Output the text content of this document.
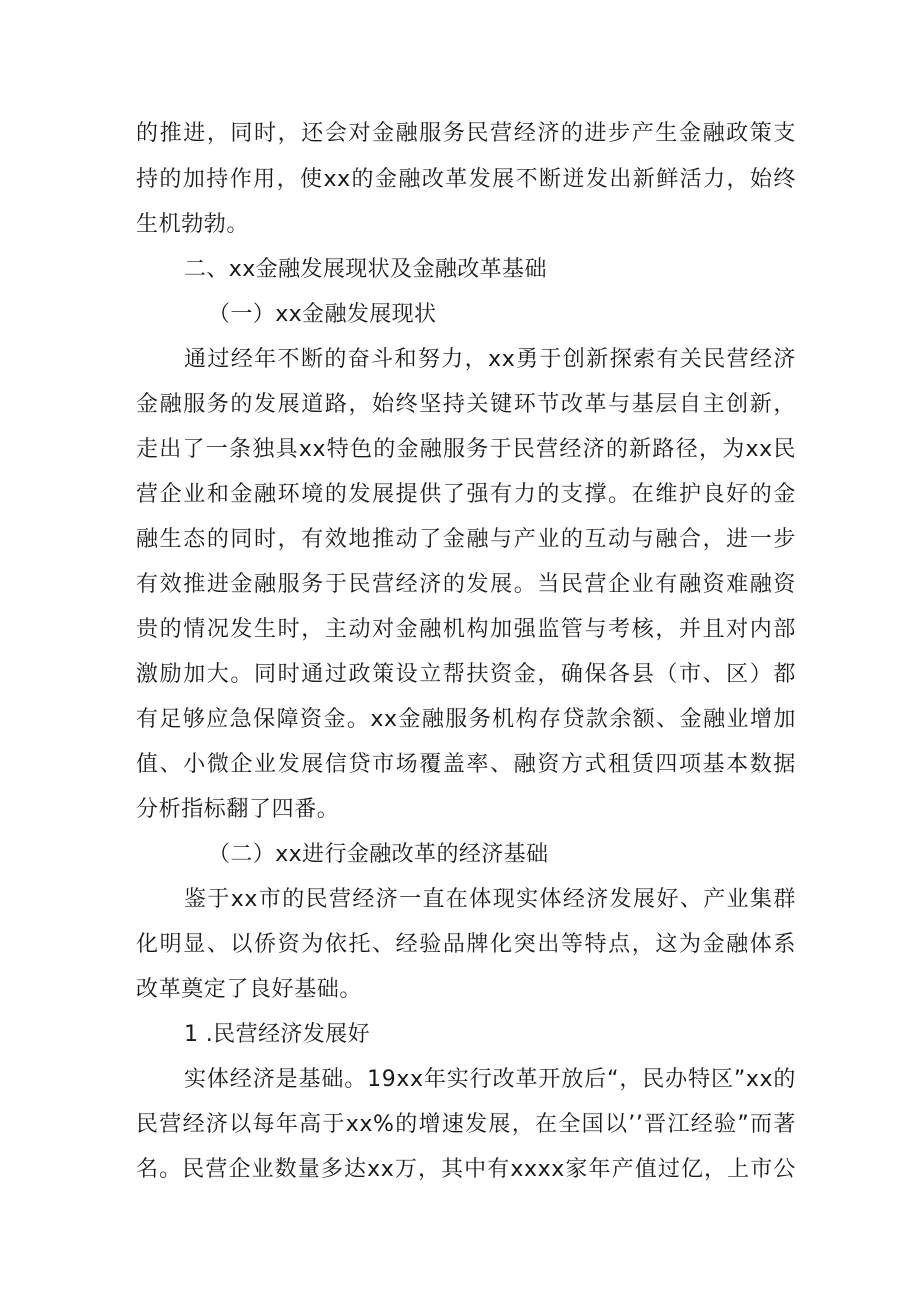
的推进，同时，还会对金融服务民营经济的进步产生金融政策支
持的加持作用，使xx的金融改革发展不断迸发出新鲜活力，始终
生机勃勃。
二、xx金融发展现状及金融改革基础
（一）xx金融发展现状
通过经年不断的奋斗和努力，xx勇于创新探索有关民营经济
金融服务的发展道路，始终坚持关键环节改革与基层自主创新，
走出了一条独具xx特色的金融服务于民营经济的新路径，为xx民
营企业和金融环境的发展提供了强有力的支撑。在维护良好的金
融生态的同时，有效地推动了金融与产业的互动与融合，进一步
有效推进金融服务于民营经济的发展。当民营企业有融资难融资
贵的情况发生时，主动对金融机构加强监管与考核，并且对内部
激励加大。同时通过政策设立帮扶资金，确保各县（市、区）都
有足够应急保障资金。xx金融服务机构存贷款余额、金融业增加
值、小微企业发展信贷市场覆盖率、融资方式租赁四项基本数据
分析指标翻了四番。
（二）xx进行金融改革的经济基础
鉴于xx市的民营经济一直在体现实体经济发展好、产业集群
化明显、以侨资为依托、经验品牌化突出等特点，这为金融体系
改革奠定了良好基础。
1 .民营经济发展好
实体经济是基础。19xx年实行改革开放后“，民办特区”xx的
民营经济以每年高于xx%的增速发展，在全国以’’晋江经验”而著
名。民营企业数量多达xx万，其中有xxxx家年产值过亿，上市公
